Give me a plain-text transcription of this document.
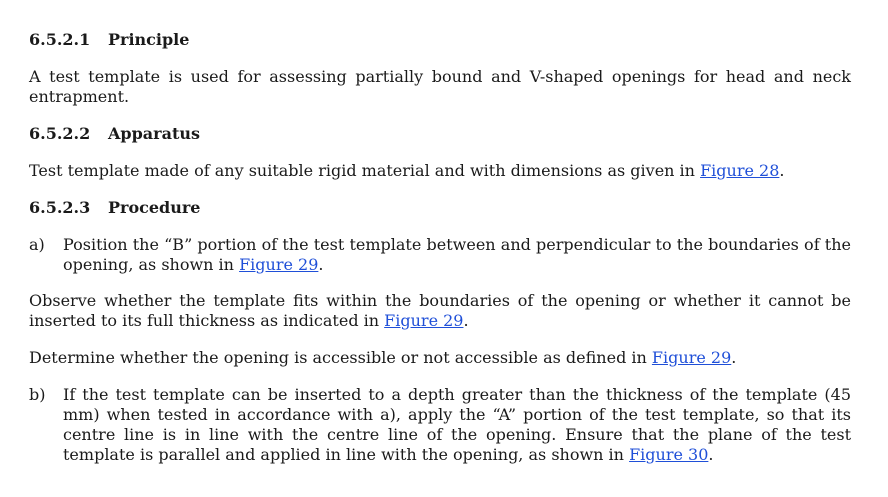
6.5.2.1 Principle

A test template is used for assessing partially bound and V-shaped openings for head and neck entrapment.

6.5.2.2 Apparatus

Test template made of any suitable rigid material and with dimensions as given in Figure 28.

6.5.2.3 Procedure
a)	Position the “B” portion of the test template between and perpendicular to the boundaries of the opening, as shown in Figure 29.

Observe whether the template fits within the boundaries of the opening or whether it cannot be inserted to its full thickness as indicated in Figure 29.

Determine whether the opening is accessible or not accessible as defined in Figure 29.

b)	If the test template can be inserted to a depth greater than the thickness of the template (45 mm) when tested in accordance with a), apply the “A” portion of the test template, so that its centre line is in line with the centre line of the opening. Ensure that the plane of the test template is parallel and applied in line with the opening, as shown in Figure 30.
